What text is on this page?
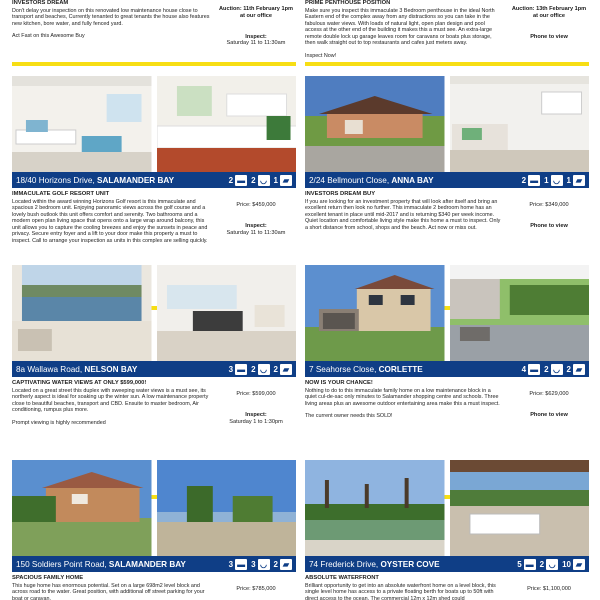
INVESTORS DREAM

Don't delay your inspection on this renovated low maintenance house close to transport and beaches, Currently tenanted to great tenants the house also features new kitchen, bore water, and fully fenced yard.

Act Fast on this Awesome Buy

Auction: 11th February 1pm at our office
Inspect:
Saturday 11 to 11:30am
PRIME PENTHOUSE POSITION

Make sure you inspect this immaculate 3 Bedroom penthouse in the ideal North Eastern end of the complex away from any distractions so you can take in the fabulous water views. With loads of natural light, open plan design and pool access at the other end of the building it makes this a must see. An extra-large remote double lock up garage leaves room for caravans or boats plus storage, then walk straight out to top restaurants and cafes just meters away.

Inspect Now!

Auction: 13th February 1pm at our office
Phone to view
18/40 Horizons Drive, SALAMANDER BAY	2 ▬ 2 ◡ 1 ▰
IMMACULATE GOLF RESORT UNIT

Located within the award winning Horizons Golf resort is this immaculate and spacious 2 bedroom unit. Enjoying panoramic views across the golf course and a lovely bush outlook this unit offers comfort and serenity. Two bathrooms and a modern open plan living space that opens onto a large wrap around balcony, this unit allows you to capture the cooling breezes and enjoy the sunsets in peace and privacy. Secure entry foyer and a lift to your door make this property a must to inspect. Call to arrange your inspection as units in this complex are selling quickly.

Price: $459,000
Inspect:
Saturday 11 to 11:30am
2/24 Bellmount Close, ANNA BAY	2 ▬ 1 ◡ 1 ▰
INVESTORS DREAM BUY

If you are looking for an investment property that will look after itself and bring an excellent return then look no further. This immaculate 2 bedroom home has an excellent tenant in place until mid-2017 and is returning $340 per week income. Quiet location and comfortable living style make this home a must to inspect. Only a short distance from school, shops and the beach. Act now or miss out.

Price: $349,000
Phone to view
8a Wallawa Road, NELSON BAY	3 ▬ 2 ◡ 2 ▰
CAPTIVATING WATER VIEWS AT ONLY $599,000!

Located on a great street this duplex with sweeping water views is a must see, its northerly aspect is ideal for soaking up the winter sun. A low maintenance property close to beautiful beaches, transport and CBD. Ensuite to master bedroom, Air conditioning, rumpus plus more.

Prompt viewing is highly recommended

Price: $599,000
Inspect:
Saturday 1 to 1:30pm
7 Seahorse Close, CORLETTE	4 ▬ 2 ◡ 2 ▰
NOW IS YOUR CHANCE!

Nothing to do to this immaculate family home on a low maintenance block in a quiet cul-de-sac only minutes to Salamander shopping centre and schools. Three living areas plus an awesome outdoor entertaining area make this a must inspect.

The current owner needs this SOLD!

Price: $629,000
Phone to view
150 Soldiers Point Road, SALAMANDER BAY	3 ▬ 3 ◡ 2 ▰
SPACIOUS FAMILY HOME

This huge home has enormous potential. Set on a large 698m2 level block and across road to the water. Great position, with additional off street parking for your boat or caravan.

Price: $785,000
74 Frederick Drive, OYSTER COVE	5 ▬ 2 ◡ 10 ▰
ABSOLUTE WATERFRONT

Brilliant opportunity to get into an absolute waterfront home on a level block, this single level home has access to a private floating berth for boats up to 50ft with direct access to the ocean. The commercial 12m x 12m shed could

Price: $1,100,000
